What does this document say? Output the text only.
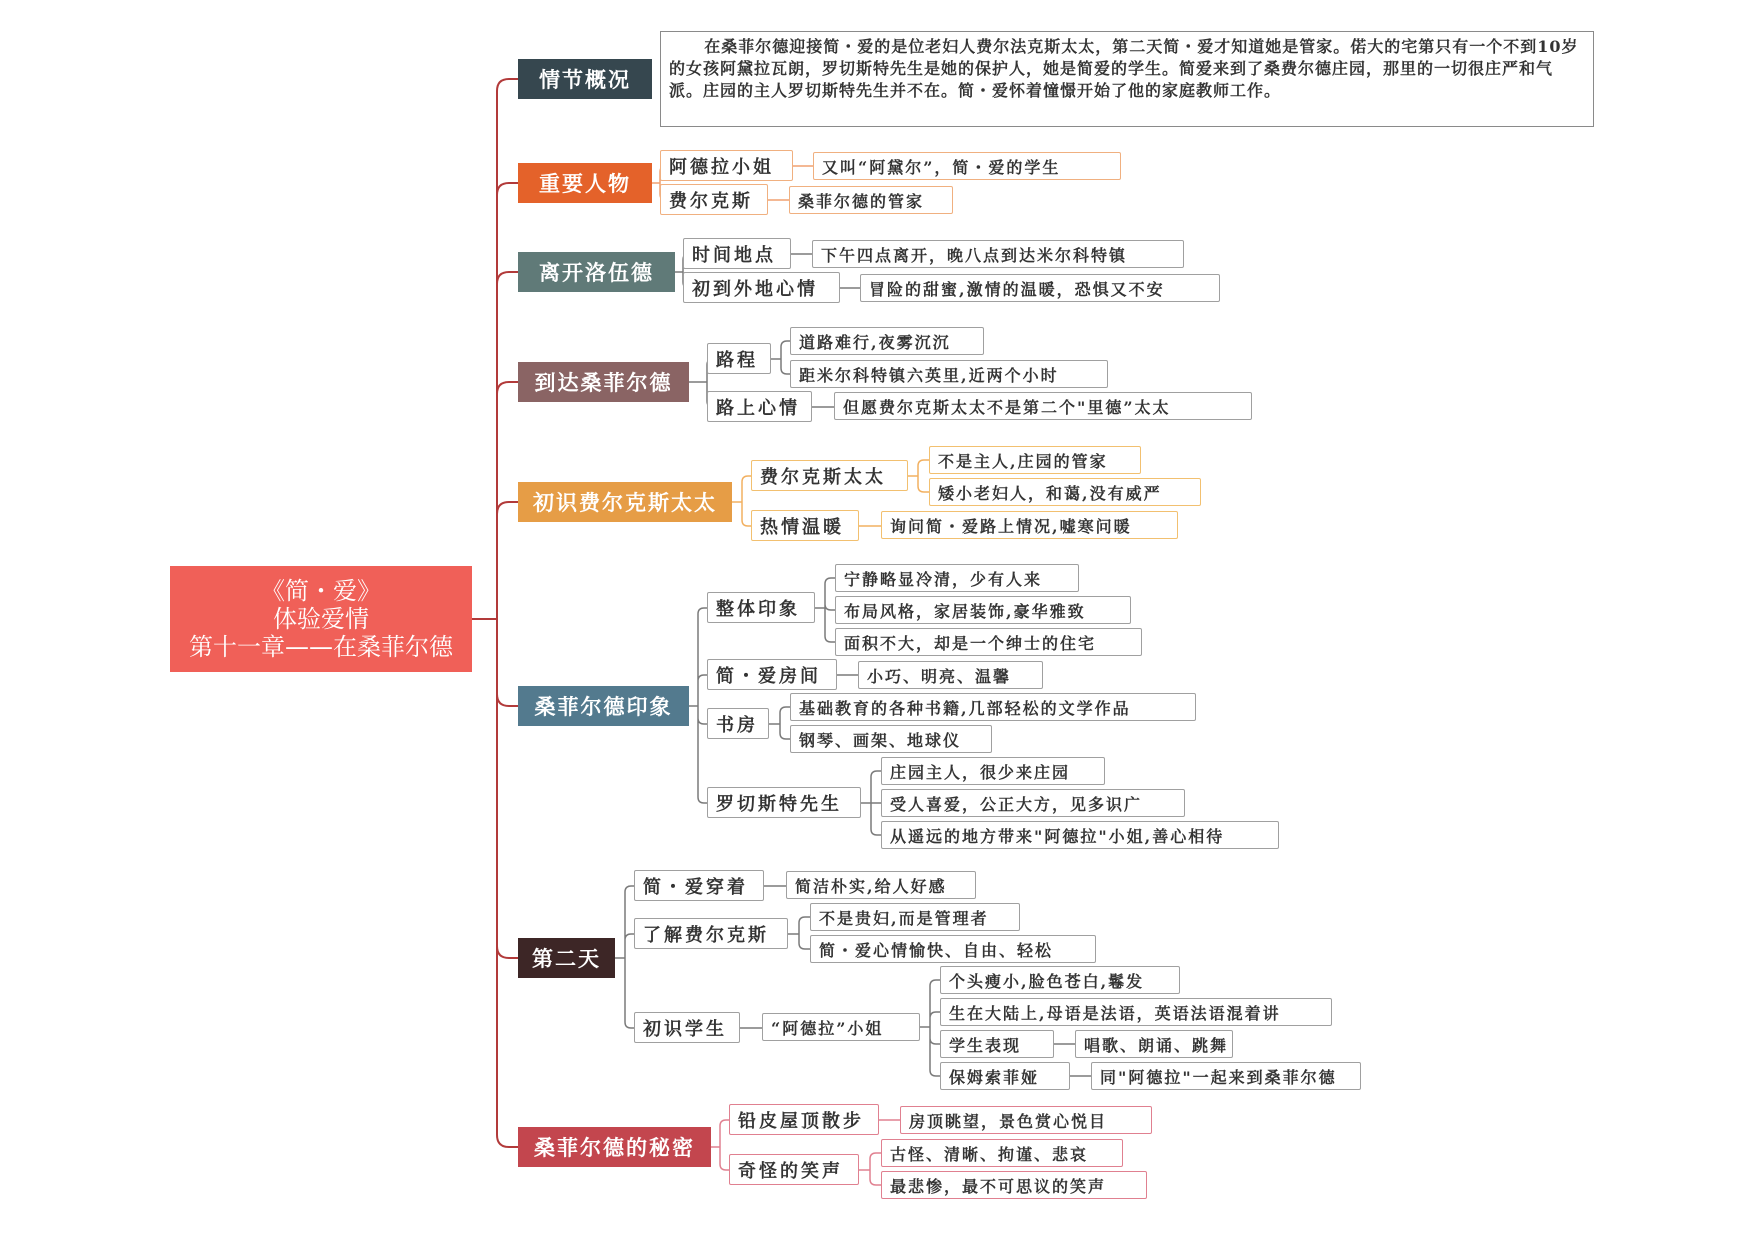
《简・爱》
体验爱情
第十一章——在桑菲尔德
情节概况
在桑菲尔德迎接简・爱的是位老妇人费尔法克斯太太，第二天简・爱才知道她是管家。偌大的宅第只有一个不到10岁的女孩阿黛拉瓦朗，罗切斯特先生是她的保护人，她是简爱的学生。简爱来到了桑费尔德庄园，那里的一切很庄严和气派。庄园的主人罗切斯特先生并不在。简・爱怀着憧憬开始了他的家庭教师工作。
重要人物
阿德拉小姐	又叫“阿黛尔”，简・爱的学生
费尔克斯	桑菲尔德的管家
离开洛伍德
时间地点	下午四点离开，晚八点到达米尔科特镇
初到外地心情	冒险的甜蜜,激情的温暖，恐惧又不安
到达桑菲尔德
路程
道路难行,夜雾沉沉
距米尔科特镇六英里,近两个小时
路上心情	但愿费尔克斯太太不是第二个"里德”太太
初识费尔克斯太太
费尔克斯太太
不是主人,庄园的管家
矮小老妇人，和蔼,没有威严
热情温暖	询问简・爱路上情况,嘘寒问暖
桑菲尔德印象
整体印象
宁静略显冷清，少有人来
布局风格，家居装饰,豪华雅致
面积不大，却是一个绅士的住宅
简・爱房间	小巧、明亮、温馨
书房
基础教育的各种书籍,几部轻松的文学作品
钢琴、画架、地球仪
罗切斯特先生
庄园主人，很少来庄园
受人喜爱，公正大方，见多识广
从遥远的地方带来"阿德拉"小姐,善心相待
第二天
简・爱穿着	简洁朴实,给人好感
了解费尔克斯
不是贵妇,而是管理者
简・爱心情愉快、自由、轻松
初识学生	“阿德拉”小姐
个头瘦小,脸色苍白,鬈发
生在大陆上,母语是法语，英语法语混着讲
学生表现	唱歌、朗诵、跳舞
保姆索菲娅	同"阿德拉"一起来到桑菲尔德
桑菲尔德的秘密
铅皮屋顶散步	房顶眺望，景色赏心悦目
奇怪的笑声
古怪、清晰、拘谨、悲哀
最悲惨，最不可思议的笑声
